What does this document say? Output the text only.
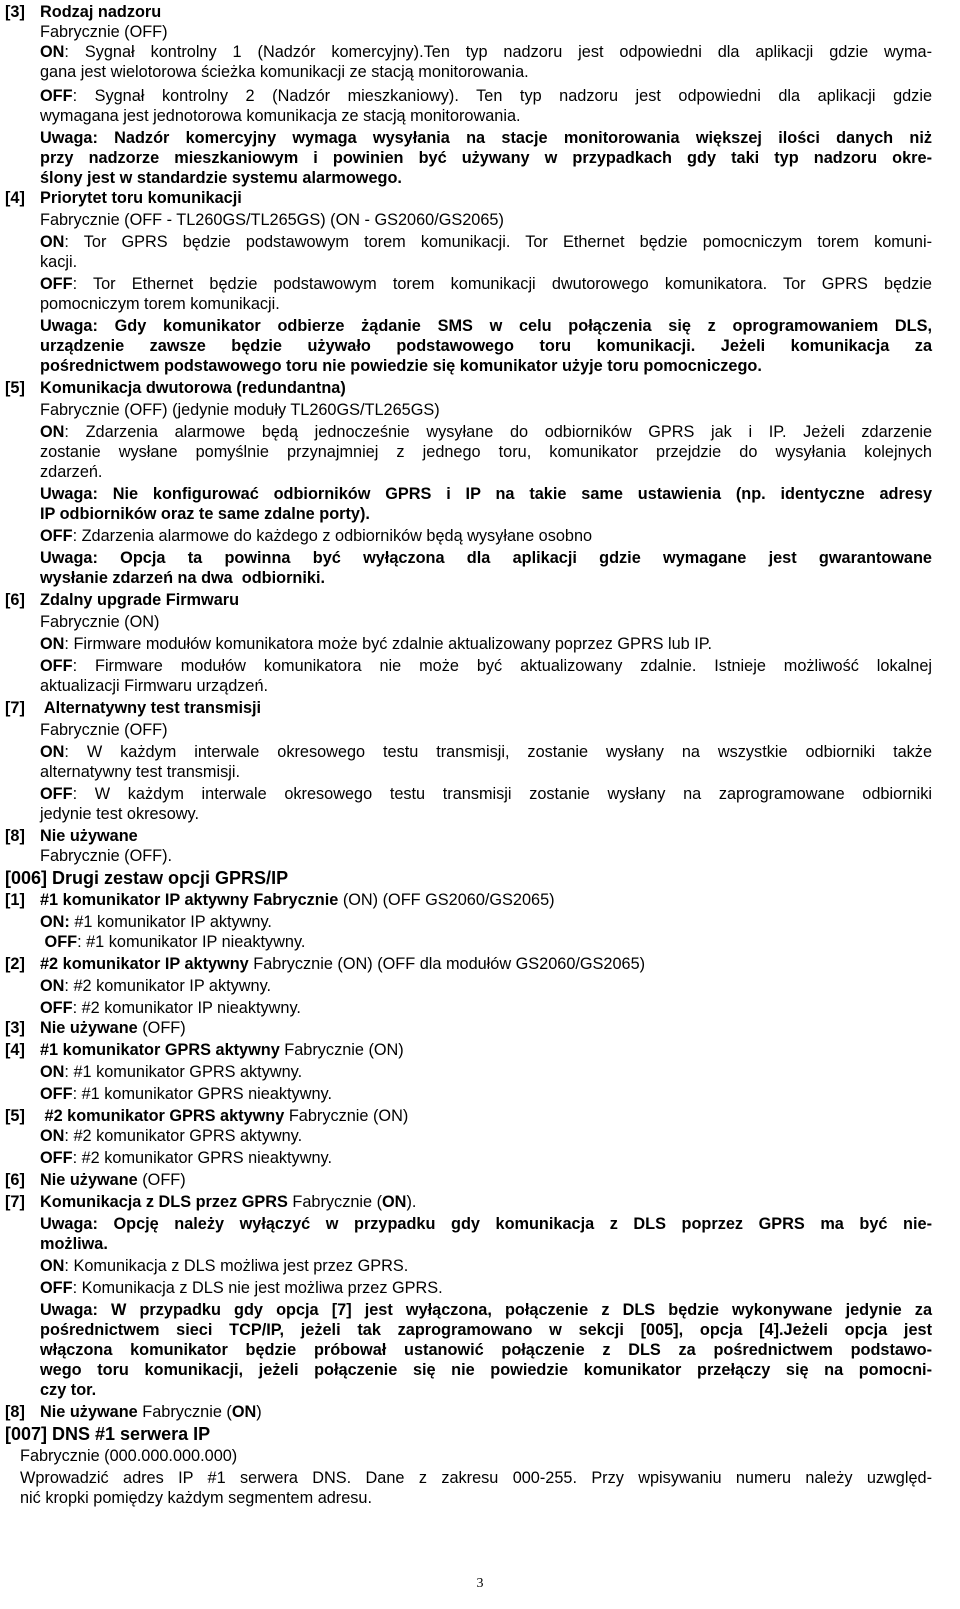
3
[3] Rodzaj nadzoru
Fabrycznie (OFF)
ON: Sygnał kontrolny 1 (Nadzór komercyjny).Ten typ nadzoru jest odpowiedni dla aplikacji gdzie wyma-
gana jest wielotorowa ścieżka komunikacji ze stacją monitorowania.
OFF: Sygnał kontrolny 2 (Nadzór mieszkaniowy). Ten typ nadzoru jest odpowiedni dla aplikacji gdzie
wymagana jest jednotorowa komunikacja ze stacją monitorowania.
Uwaga: Nadzór komercyjny wymaga wysyłania na stacje monitorowania większej ilości danych niż
przy nadzorze mieszkaniowym i powinien być używany w przypadkach gdy taki typ nadzoru okre-
ślony jest w standardzie systemu alarmowego.
[4] Priorytet toru komunikacji
Fabrycznie (OFF - TL260GS/TL265GS) (ON - GS2060/GS2065)
ON: Tor GPRS będzie podstawowym torem komunikacji. Tor Ethernet będzie pomocniczym torem komuni-
kacji.
OFF: Tor Ethernet będzie podstawowym torem komunikacji dwutorowego komunikatora. Tor GPRS będzie
pomocniczym torem komunikacji.
Uwaga: Gdy komunikator odbierze żądanie SMS w celu połączenia się z oprogramowaniem DLS,
urządzenie zawsze będzie używało podstawowego toru komunikacji. Jeżeli komunikacja za
pośrednictwem podstawowego toru nie powiedzie się komunikator użyje toru pomocniczego.
[5] Komunikacja dwutorowa (redundantna)
Fabrycznie (OFF) (jedynie moduły TL260GS/TL265GS)
ON: Zdarzenia alarmowe będą jednocześnie wysyłane do odbiorników GPRS jak i IP. Jeżeli zdarzenie
zostanie wysłane pomyślnie przynajmniej z jednego toru, komunikator przejdzie do wysyłania kolejnych
zdarzeń.
Uwaga: Nie konfigurować odbiorników GPRS i IP na takie same ustawienia (np. identyczne adresy
IP odbiorników oraz te same zdalne porty).
OFF: Zdarzenia alarmowe do każdego z odbiorników będą wysyłane osobno
Uwaga: Opcja ta powinna być wyłączona dla aplikacji gdzie wymagane jest gwarantowane
wysłanie zdarzeń na dwa  odbiorniki.
[6] Zdalny upgrade Firmwaru
Fabrycznie (ON)
ON: Firmware modułów komunikatora może być zdalnie aktualizowany poprzez GPRS lub IP.
OFF: Firmware modułów komunikatora nie może być aktualizowany zdalnie. Istnieje możliwość lokalnej
aktualizacji Firmwaru urządzeń.
[7] Alternatywny test transmisji
Fabrycznie (OFF)
ON: W każdym interwale okresowego testu transmisji, zostanie wysłany na wszystkie odbiorniki także
alternatywny test transmisji.
OFF: W każdym interwale okresowego testu transmisji zostanie wysłany na zaprogramowane odbiorniki
jedynie test okresowy.
[8] Nie używane
Fabrycznie (OFF).
[006] Drugi zestaw opcji GPRS/IP
[1] #1 komunikator IP aktywny Fabrycznie (ON) (OFF GS2060/GS2065)
ON: #1 komunikator IP aktywny.
OFF: #1 komunikator IP nieaktywny.
[2] #2 komunikator IP aktywny Fabrycznie (ON) (OFF dla modułów GS2060/GS2065)
ON: #2 komunikator IP aktywny.
OFF: #2 komunikator IP nieaktywny.
[3] Nie używane (OFF)
[4] #1 komunikator GPRS aktywny Fabrycznie (ON)
ON: #1 komunikator GPRS aktywny.
OFF: #1 komunikator GPRS nieaktywny.
[5] #2 komunikator GPRS aktywny Fabrycznie (ON)
ON: #2 komunikator GPRS aktywny.
OFF: #2 komunikator GPRS nieaktywny.
[6] Nie używane (OFF)
[7] Komunikacja z DLS przez GPRS Fabrycznie (ON).
Uwaga: Opcję należy wyłączyć w przypadku gdy komunikacja z DLS poprzez GPRS ma być nie-
możliwa.
ON: Komunikacja z DLS możliwa jest przez GPRS.
OFF: Komunikacja z DLS nie jest możliwa przez GPRS.
Uwaga: W przypadku gdy opcja [7] jest wyłączona, połączenie z DLS będzie wykonywane jedynie za
pośrednictwem sieci TCP/IP, jeżeli tak zaprogramowano w sekcji [005], opcja [4].Jeżeli opcja jest
włączona komunikator będzie próbował ustanowić połączenie z DLS za pośrednictwem podstawo-
wego toru komunikacji, jeżeli połączenie się nie powiedzie komunikator przełączy się na pomocni-
czy tor.
[8] Nie używane Fabrycznie (ON)
[007] DNS #1 serwera IP
Fabrycznie (000.000.000.000)
Wprowadzić adres IP #1 serwera DNS. Dane z zakresu 000-255. Przy wpisywaniu numeru należy uzwględ-
nić kropki pomiędzy każdym segmentem adresu.
